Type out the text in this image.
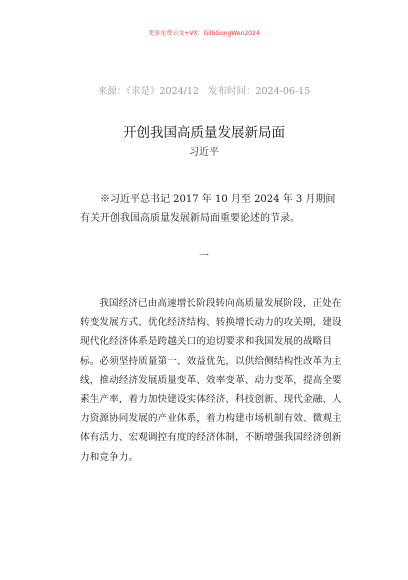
更多免费公文+VX：GilbGongWen2024
来源：《求是》2024/12 发布时间：2024-06-15
开创我国高质量发展新局面
习近平

※习近平总书记 2017 年 10 月至 2024 年 3 月期间有关开创我国高质量发展新局面重要论述的节录。

一

我国经济已由高速增长阶段转向高质量发展阶段，正处在转变发展方式、优化经济结构、转换增长动力的攻关期，建设现代化经济体系是跨越关口的迫切要求和我国发展的战略目标。必须坚持质量第一、效益优先，以供给侧结构性改革为主线，推动经济发展质量变革、效率变革、动力变革，提高全要素生产率，着力加快建设实体经济、科技创新、现代金融、人力资源协同发展的产业体系，着力构建市场机制有效、微观主体有活力、宏观调控有度的经济体制，不断增强我国经济创新力和竞争力。
